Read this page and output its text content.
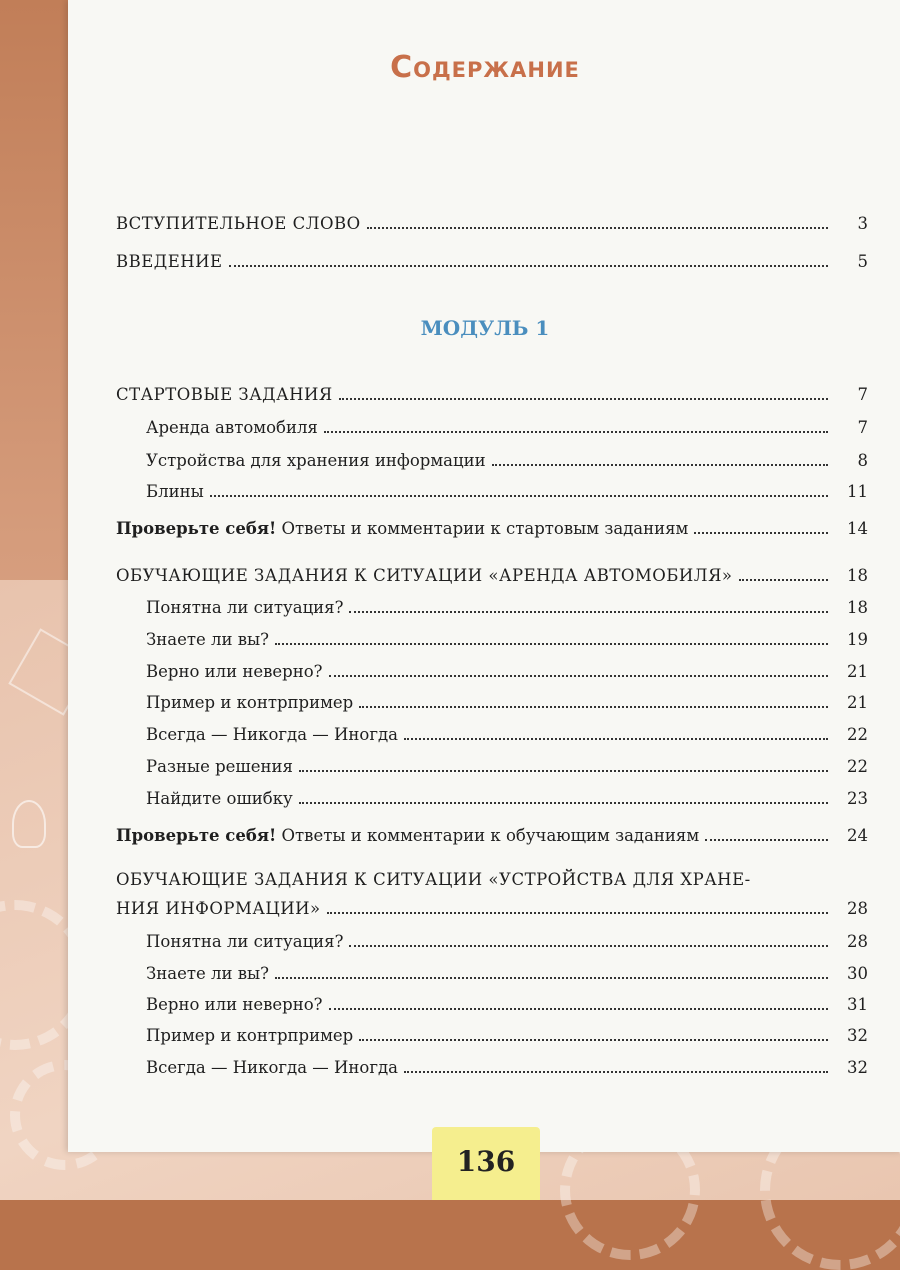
Содержание
ВСТУПИТЕЛЬНОЕ СЛОВО	3
ВВЕДЕНИЕ	5
МОДУЛЬ 1
СТАРТОВЫЕ ЗАДАНИЯ	7
Аренда автомобиля	7
Устройства для хранения информации	8
Блины	11
Проверьте себя! Ответы и комментарии к стартовым заданиям	14
ОБУЧАЮЩИЕ ЗАДАНИЯ К СИТУАЦИИ «АРЕНДА АВТОМОБИЛЯ»	18
Понятна ли ситуация?	18
Знаете ли вы?	19
Верно или неверно?	21
Пример и контрпример	21
Всегда — Никогда — Иногда	22
Разные решения	22
Найдите ошибку	23
Проверьте себя! Ответы и комментарии к обучающим заданиям	24
ОБУЧАЮЩИЕ ЗАДАНИЯ К СИТУАЦИИ «УСТРОЙСТВА ДЛЯ ХРАНЕ-
НИЯ ИНФОРМАЦИИ»	28
Понятна ли ситуация?	28
Знаете ли вы?	30
Верно или неверно?	31
Пример и контрпример	32
Всегда — Никогда — Иногда	32
136
